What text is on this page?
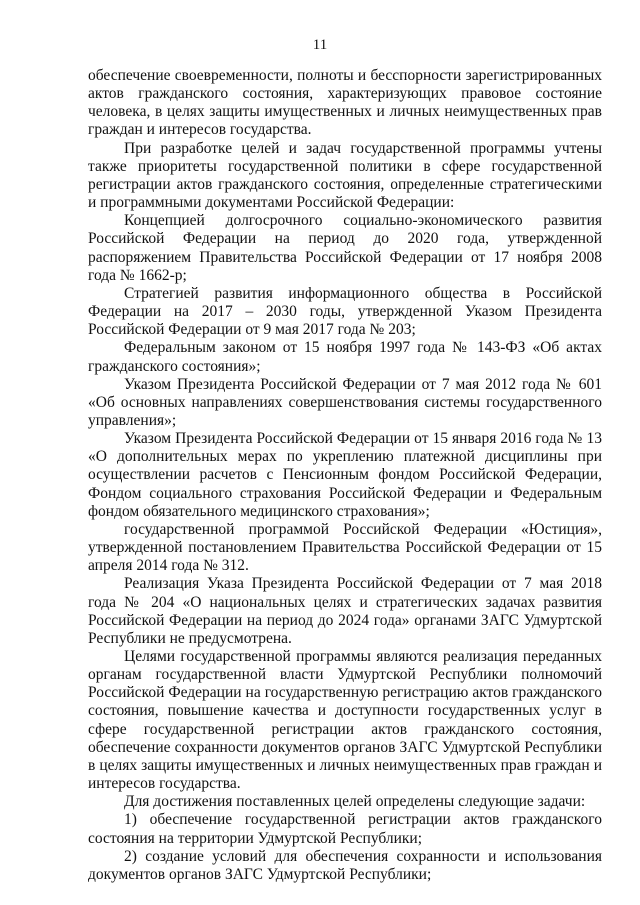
11

обеспечение своевременности, полноты и бесспорности зарегистрированных актов гражданского состояния, характеризующих правовое состояние человека, в целях защиты имущественных и личных неимущественных прав граждан и интересов государства.

При разработке целей и задач государственной программы учтены также приоритеты государственной политики в сфере государственной регистрации актов гражданского состояния, определенные стратегическими и программными документами Российской Федерации:

Концепцией долгосрочного социально-экономического развития Российской Федерации на период до 2020 года, утвержденной распоряжением Правительства Российской Федерации от 17 ноября 2008 года № 1662-р;

Стратегией развития информационного общества в Российской Федерации на 2017 – 2030 годы, утвержденной Указом Президента Российской Федерации от 9 мая 2017 года № 203;

Федеральным законом от 15 ноября 1997 года № 143-ФЗ «Об актах гражданского состояния»;

Указом Президента Российской Федерации от 7 мая 2012 года № 601 «Об основных направлениях совершенствования системы государственного управления»;

Указом Президента Российской Федерации от 15 января 2016 года № 13 «О дополнительных мерах по укреплению платежной дисциплины при осуществлении расчетов с Пенсионным фондом Российской Федерации, Фондом социального страхования Российской Федерации и Федеральным фондом обязательного медицинского страхования»;

государственной программой Российской Федерации «Юстиция», утвержденной постановлением Правительства Российской Федерации от 15 апреля 2014 года № 312.

Реализация Указа Президента Российской Федерации от 7 мая 2018 года № 204 «О национальных целях и стратегических задачах развития Российской Федерации на период до 2024 года» органами ЗАГС Удмуртской Республики не предусмотрена.

Целями государственной программы являются реализация переданных органам государственной власти Удмуртской Республики полномочий Российской Федерации на государственную регистрацию актов гражданского состояния, повышение качества и доступности государственных услуг в сфере государственной регистрации актов гражданского состояния, обеспечение сохранности документов органов ЗАГС Удмуртской Республики в целях защиты имущественных и личных неимущественных прав граждан и интересов государства.

Для достижения поставленных целей определены следующие задачи:

1) обеспечение государственной регистрации актов гражданского состояния на территории Удмуртской Республики;

2) создание условий для обеспечения сохранности и использования документов органов ЗАГС Удмуртской Республики;
